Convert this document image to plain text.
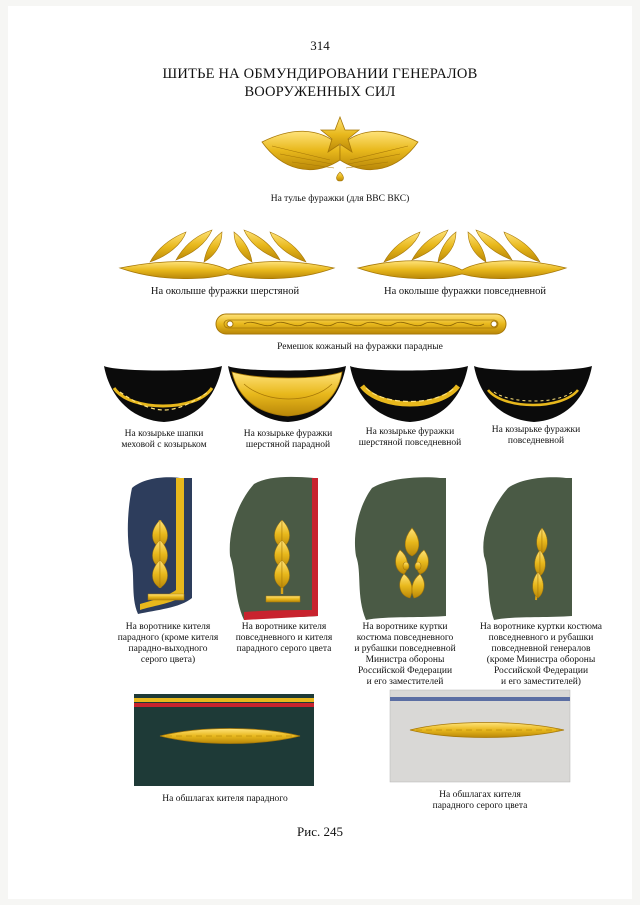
314
ШИТЬЕ НА ОБМУНДИРОВАНИИ ГЕНЕРАЛОВ
ВООРУЖЕННЫХ СИЛ
На тулье фуражки (для ВВС ВКС)
На околыше фуражки шерстяной	На околыше фуражки повседневной
Ремешок кожаный на фуражки парадные
На козырьке шапки
меховой с козырьком
На козырьке фуражки
шерстяной парадной
На козырьке фуражки
шерстяной повседневной
На козырьке фуражки
повседневной
На воротнике кителя
парадного (кроме кителя
парадно-выходного
серого цвета)
На воротнике кителя
повседневного и кителя
парадного серого цвета
На воротнике куртки
костюма повседневного
и рубашки повседневной
Министра обороны
Российской Федерации
и его заместителей
На воротнике куртки костюма
повседневного и рубашки
повседневной генералов
(кроме Министра обороны
Российской Федерации
и его заместителей)
На обшлагах кителя парадного	На обшлагах кителя
парадного серого цвета
Рис. 245
